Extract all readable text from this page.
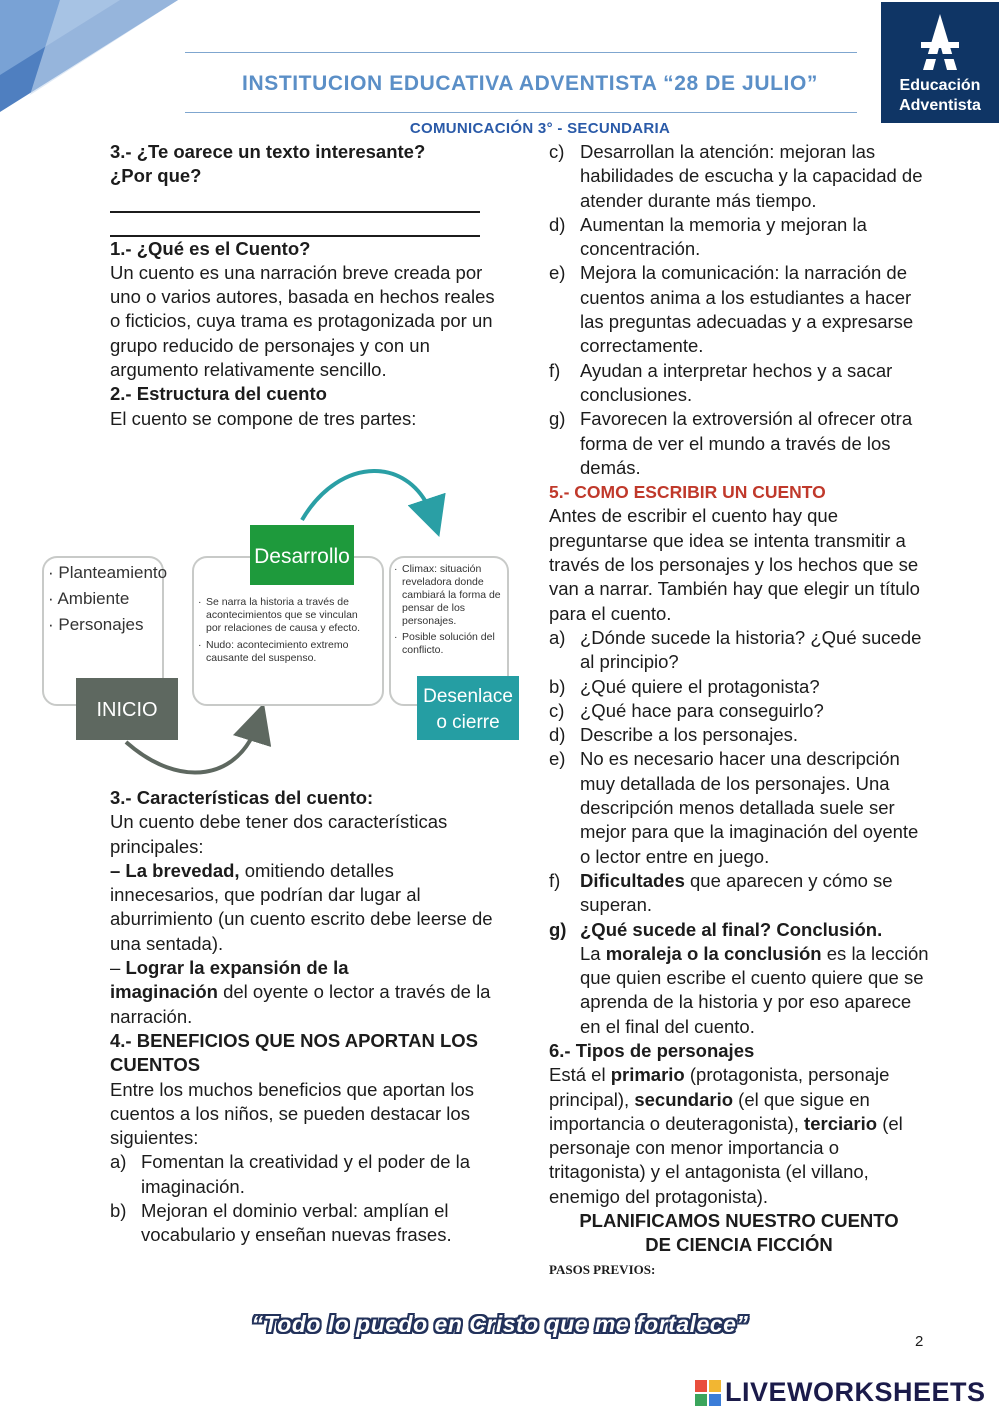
INSTITUCION EDUCATIVA ADVENTISTA “28 DE JULIO”	Educación
Adventista
COMUNICACIÓN 3° - SECUNDARIA

3.- ¿Te oarece un texto interesante?

¿Por que?

1.- ¿Qué es el Cuento?

Un cuento es una narración breve creada por uno o varios autores, basada en hechos reales o ficticios, cuya trama es protagonizada por un grupo reducido de personajes y con un argumento relativamente sencillo.

2.- Estructura del cuento

El cuento se compone de tres partes:

· Planteamiento · Ambiente · Personajes
INICIO
Desarrollo
· Se narra la historia a través de acontecimientos que se vinculan por relaciones de causa y efecto. · Nudo: acontecimiento extremo causante del suspenso.
· Climax: situación reveladora donde cambiará la forma de pensar de los personajes. · Posible solución del conflicto.
Desenlace
o cierre

3.- Características del cuento:

Un cuento debe tener dos características principales:

– La brevedad, omitiendo detalles innecesarios, que podrían dar lugar al aburrimiento (un cuento escrito debe leerse de una sentada).

– Lograr la expansión de la
imaginación del oyente o lector a través de la narración.

4.- BENEFICIOS QUE NOS APORTAN LOS CUENTOS

Entre los muchos beneficios que aportan los cuentos a los niños, se pueden destacar los siguientes:

a) Fomentan la creatividad y el poder de la imaginación.
b) Mejoran el dominio verbal: amplían el vocabulario y enseñan nuevas frases.
c) Desarrollan la atención: mejoran las habilidades de escucha y la capacidad de atender durante más tiempo.
d) Aumentan la memoria y mejoran la concentración.
e) Mejora la comunicación: la narración de cuentos anima a los estudiantes a hacer las preguntas adecuadas y a expresarse correctamente.
f) Ayudan a interpretar hechos y a sacar conclusiones.
g) Favorecen la extroversión al ofrecer otra forma de ver el mundo a través de los demás.

5.- COMO ESCRIBIR UN CUENTO

Antes de escribir el cuento hay que preguntarse que idea se intenta transmitir a través de los personajes y los hechos que se van a narrar. También hay que elegir un título para el cuento.

a) ¿Dónde sucede la historia? ¿Qué sucede al principio?
b) ¿Qué quiere el protagonista?
c) ¿Qué hace para conseguirlo?
d) Describe a los personajes.
e) No es necesario hacer una descripción muy detallada de los personajes. Una descripción menos detallada suele ser mejor para que la imaginación del oyente o lector entre en juego.
f) Dificultades que aparecen y cómo se superan.
g) ¿Qué sucede al final? Conclusión.
La moraleja o la conclusión es la lección que quien escribe el cuento quiere que se aprenda de la historia y por eso aparece en el final del cuento.

6.- Tipos de personajes

Está el primario (protagonista, personaje principal), secundario (el que sigue en importancia o deuteragonista), terciario (el personaje con menor importancia o tritagonista) y el antagonista (el villano, enemigo del protagonista).

PLANIFICAMOS NUESTRO CUENTO

DE CIENCIA FICCIÓN

PASOS PREVIOS:

“Todo lo puedo en Cristo que me fortalece”
2
LIVEWORKSHEETS
